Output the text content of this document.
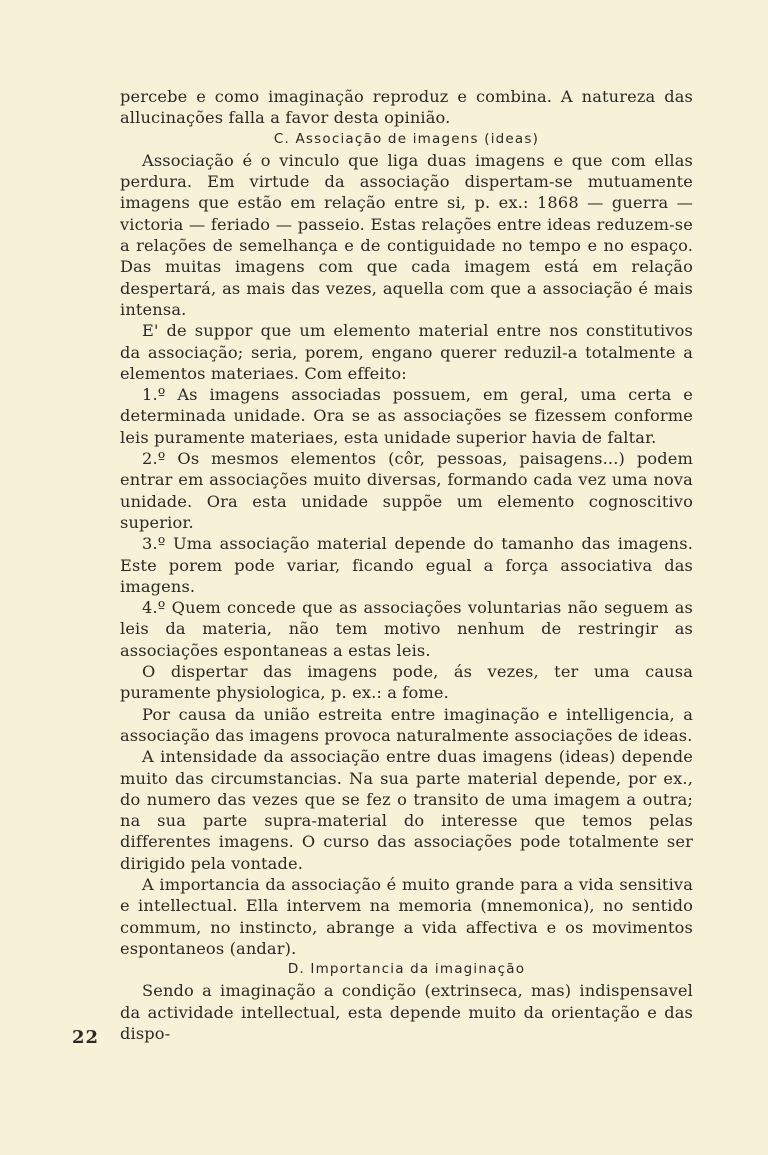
percebe e como imaginação reproduz e combina. A natureza das allucinações falla a favor desta opinião.

C. Associação de imagens (ideas)

Associação é o vinculo que liga duas imagens e que com ellas perdura. Em virtude da associação dispertam-se mutuamente imagens que estão em relação entre si, p. ex.: 1868 — guerra — victoria — feriado — passeio. Estas relações entre ideas reduzem-se a relações de semelhança e de contiguidade no tempo e no espaço. Das muitas imagens com que cada imagem está em relação despertará, as mais das vezes, aquella com que a associação é mais intensa.

E' de suppor que um elemento material entre nos constitutivos da associação; seria, porem, engano querer reduzil-a totalmente a elementos materiaes. Com effeito:

1.º As imagens associadas possuem, em geral, uma certa e determinada unidade. Ora se as associações se fizessem conforme leis puramente materiaes, esta unidade superior havia de faltar.

2.º Os mesmos elementos (côr, pessoas, paisagens...) podem entrar em associações muito diversas, formando cada vez uma nova unidade. Ora esta unidade suppõe um elemento cognoscitivo superior.

3.º Uma associação material depende do tamanho das imagens. Este porem pode variar, ficando egual a força associativa das imagens.

4.º Quem concede que as associações voluntarias não seguem as leis da materia, não tem motivo nenhum de restringir as associações espontaneas a estas leis.

O dispertar das imagens pode, ás vezes, ter uma causa puramente physiologica, p. ex.: a fome.

Por causa da união estreita entre imaginação e intelligencia, a associação das imagens provoca naturalmente associações de ideas.

A intensidade da associação entre duas imagens (ideas) depende muito das circumstancias. Na sua parte material depende, por ex., do numero das vezes que se fez o transito de uma imagem a outra; na sua parte supra-material do interesse que temos pelas differentes imagens. O curso das associações pode totalmente ser dirigido pela vontade.

A importancia da associação é muito grande para a vida sensitiva e intellectual. Ella intervem na memoria (mnemonica), no sentido commum, no instincto, abrange a vida affectiva e os movimentos espontaneos (andar).

D. Importancia da imaginação

Sendo a imaginação a condição (extrinseca, mas) indispensavel da actividade intellectual, esta depende muito da orientação e das dispo-

22
